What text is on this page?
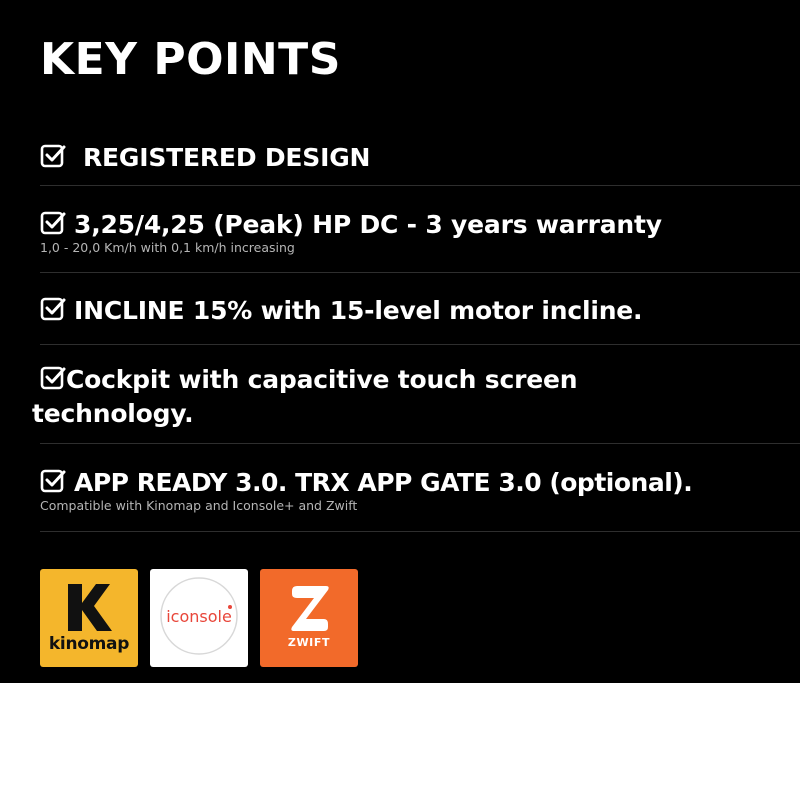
KEY POINTS
REGISTERED DESIGN
3,25/4,25 (Peak) HP DC - 3 years warranty
1,0 - 20,0 Km/h with 0,1 km/h increasing
INCLINE 15% with 15-level motor incline.
Cockpit with capacitive touch screen technology.
APP READY 3.0. TRX APP GATE 3.0 (optional).
Compatible with Kinomap and Iconsole+ and Zwift
kinomap
iconsole
ZWIFT
